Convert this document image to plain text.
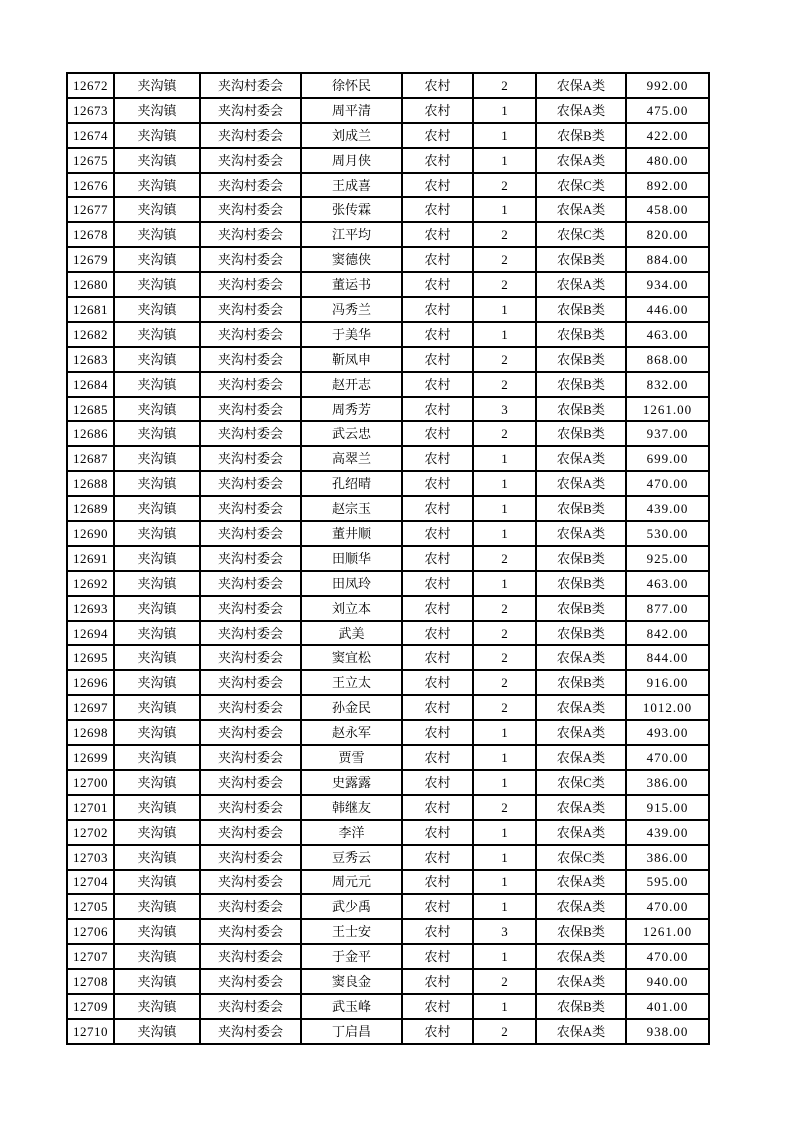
12672	夹沟镇	夹沟村委会	徐怀民	农村	2	农保A类	992.00
12673	夹沟镇	夹沟村委会	周平清	农村	1	农保A类	475.00
12674	夹沟镇	夹沟村委会	刘成兰	农村	1	农保B类	422.00
12675	夹沟镇	夹沟村委会	周月侠	农村	1	农保A类	480.00
12676	夹沟镇	夹沟村委会	王成喜	农村	2	农保C类	892.00
12677	夹沟镇	夹沟村委会	张传霖	农村	1	农保A类	458.00
12678	夹沟镇	夹沟村委会	江平均	农村	2	农保C类	820.00
12679	夹沟镇	夹沟村委会	窦德侠	农村	2	农保B类	884.00
12680	夹沟镇	夹沟村委会	董运书	农村	2	农保A类	934.00
12681	夹沟镇	夹沟村委会	冯秀兰	农村	1	农保B类	446.00
12682	夹沟镇	夹沟村委会	于美华	农村	1	农保B类	463.00
12683	夹沟镇	夹沟村委会	靳凤申	农村	2	农保B类	868.00
12684	夹沟镇	夹沟村委会	赵开志	农村	2	农保B类	832.00
12685	夹沟镇	夹沟村委会	周秀芳	农村	3	农保B类	1261.00
12686	夹沟镇	夹沟村委会	武云忠	农村	2	农保B类	937.00
12687	夹沟镇	夹沟村委会	高翠兰	农村	1	农保A类	699.00
12688	夹沟镇	夹沟村委会	孔绍晴	农村	1	农保A类	470.00
12689	夹沟镇	夹沟村委会	赵宗玉	农村	1	农保B类	439.00
12690	夹沟镇	夹沟村委会	董井顺	农村	1	农保A类	530.00
12691	夹沟镇	夹沟村委会	田顺华	农村	2	农保B类	925.00
12692	夹沟镇	夹沟村委会	田凤玲	农村	1	农保B类	463.00
12693	夹沟镇	夹沟村委会	刘立本	农村	2	农保B类	877.00
12694	夹沟镇	夹沟村委会	武美	农村	2	农保B类	842.00
12695	夹沟镇	夹沟村委会	窦宜松	农村	2	农保A类	844.00
12696	夹沟镇	夹沟村委会	王立太	农村	2	农保B类	916.00
12697	夹沟镇	夹沟村委会	孙金民	农村	2	农保A类	1012.00
12698	夹沟镇	夹沟村委会	赵永军	农村	1	农保A类	493.00
12699	夹沟镇	夹沟村委会	贾雪	农村	1	农保A类	470.00
12700	夹沟镇	夹沟村委会	史露露	农村	1	农保C类	386.00
12701	夹沟镇	夹沟村委会	韩继友	农村	2	农保A类	915.00
12702	夹沟镇	夹沟村委会	李洋	农村	1	农保A类	439.00
12703	夹沟镇	夹沟村委会	豆秀云	农村	1	农保C类	386.00
12704	夹沟镇	夹沟村委会	周元元	农村	1	农保A类	595.00
12705	夹沟镇	夹沟村委会	武少禹	农村	1	农保A类	470.00
12706	夹沟镇	夹沟村委会	王士安	农村	3	农保B类	1261.00
12707	夹沟镇	夹沟村委会	于金平	农村	1	农保A类	470.00
12708	夹沟镇	夹沟村委会	窦良金	农村	2	农保A类	940.00
12709	夹沟镇	夹沟村委会	武玉峰	农村	1	农保B类	401.00
12710	夹沟镇	夹沟村委会	丁启昌	农村	2	农保A类	938.00
